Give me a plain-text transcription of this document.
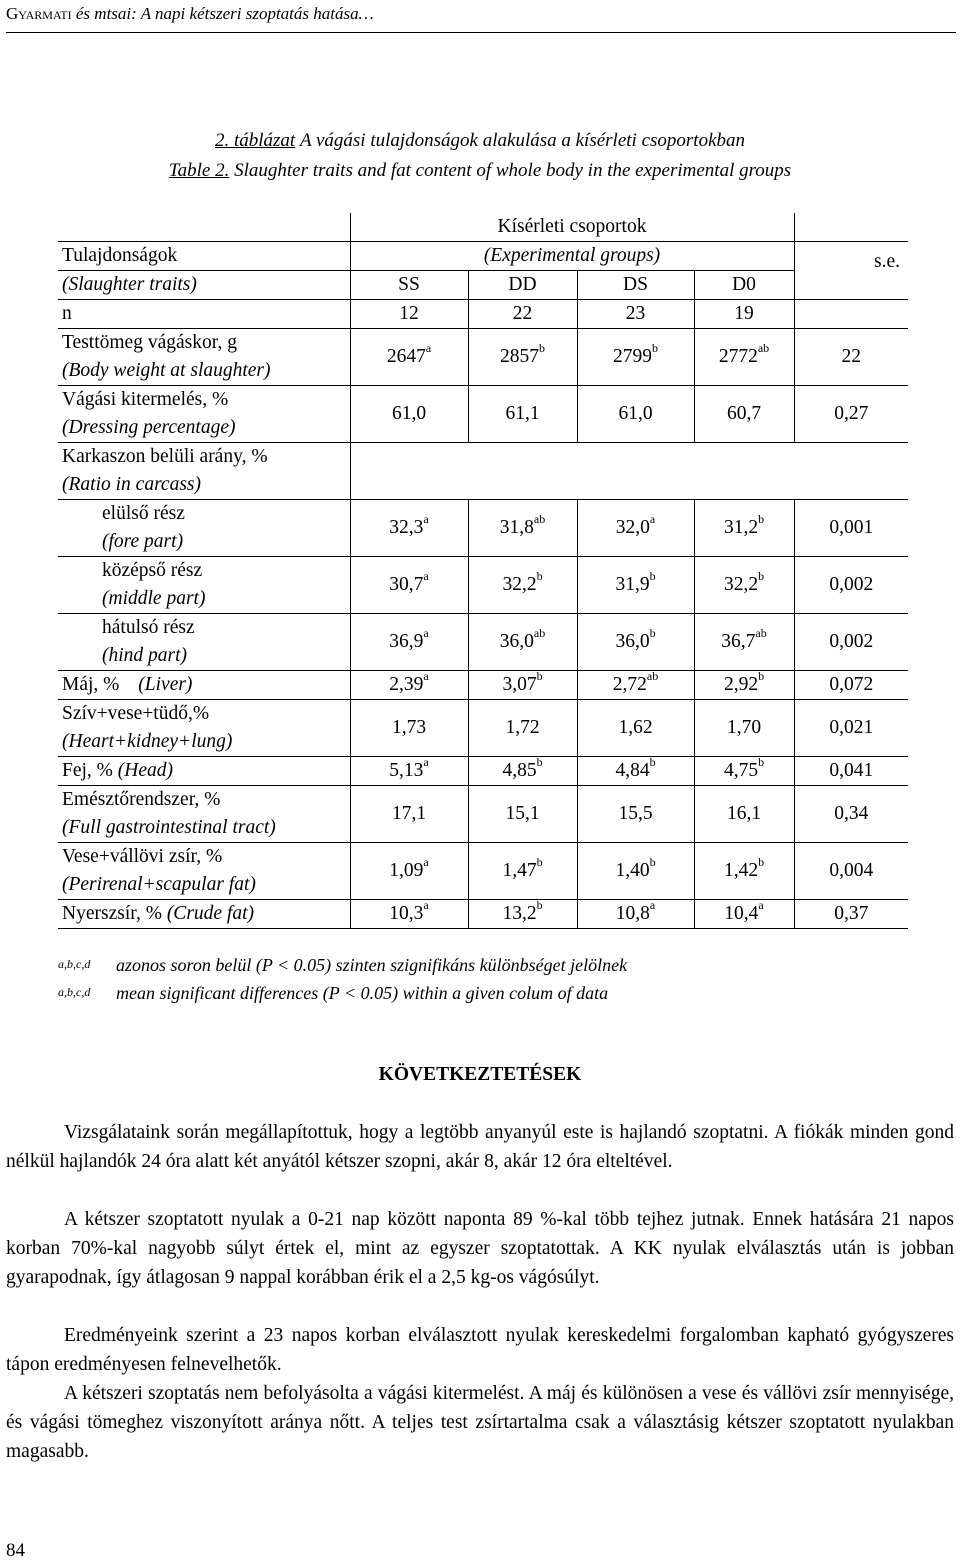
Gyarmati és mtsai: A napi kétszeri szoptatás hatása…
2. táblázat A vágási tulajdonságok alakulása a kísérleti csoportokban
Table 2. Slaughter traits and fat content of whole body in the experimental groups
	Kísérleti csoportok				
Tulajdonságok	(Experimental groups)				s.e.
(Slaughter traits)	SS	DD	DS	D0	
n	12	22	23	19	
Testtömeg vágáskor, g
(Body weight at slaughter)	2647$^a$	2857$^b$	2799$^b$	$2772^{ab}$	22
Vágási kitermelés, %
(Dressing percentage)	61,0	61,1	61,0	60,7	0,27
Karkaszon belüli arány, %
(Ratio in carcass)					
elülső rész
(fore part)	32,3$^a$	31,8$^{ab}$	32,0$^a$	31,2$^b$	0,001
középső rész
(middle part)	30,7$^a$	32,2$^b$	31,9$^b$	32,2$^b$	0,002
hátulsó rész
(hind part)	36,9$^a$	36,0$^{ab}$	36,0$^b$	36,7$^{ab}$	0,002
Máj, % (Liver)	2,39$^a$	3,07$^b$	2,72$^{ab}$	2,92$^b$	0,072
Szív+vese+tüdő,%
(Heart+kidney+lung)	1,73	1,72	1,62	1,70	0,021
Fej, % (Head)	5,13$^a$	4,85$^b$	4,84$^b$	4,75$^b$	0,041
Emésztőrendszer, %
(Full gastrointestinal tract)	17,1	15,1	15,5	16,1	0,34
Vese+vállövi zsír, %
(Perirenal+scapular fat)	1,09$^a$	1,47$^b$	1,40$^b$	1,42$^b$	0,004
Nyerszsír, % (Crude fat)	10,3$^a$	13,2$^b$	10,8$^a$	10,4$^a$	0,37
a,b,c,d azonos soron belül (P < 0.05) szinten szignifikáns különbséget jelölnek
a,b,c,d mean significant differences (P < 0.05) within a given colum of data
KÖVETKEZTETÉSEK
Vizsgálataink során megállapítottuk, hogy a legtöbb anyanyúl este is hajlandó szoptatni. A fiókák minden gond nélkül hajlandók 24 óra alatt két anyától kétszer szopni, akár 8, akár 12 óra elteltével.
A kétszer szoptatott nyulak a 0-21 nap között naponta 89 %-kal több tejhez jutnak. Ennek hatására 21 napos korban 70%-kal nagyobb súlyt értek el, mint az egyszer szoptatottak. A KK nyulak elválasztás után is jobban gyarapodnak, így átlagosan 9 nappal korábban érik el a 2,5 kg-os vágósúlyt.
Eredményeink szerint a 23 napos korban elválasztott nyulak kereskedelmi forgalomban kapható gyógyszeres tápon eredményesen felnevelhetők.
A kétszeri szoptatás nem befolyásolta a vágási kitermelést. A máj és különösen a vese és vállövi zsír mennyisége, és vágási tömeghez viszonyított aránya nőtt. A teljes test zsírtartalma csak a választásig kétszer szoptatott nyulakban magasabb.
84
